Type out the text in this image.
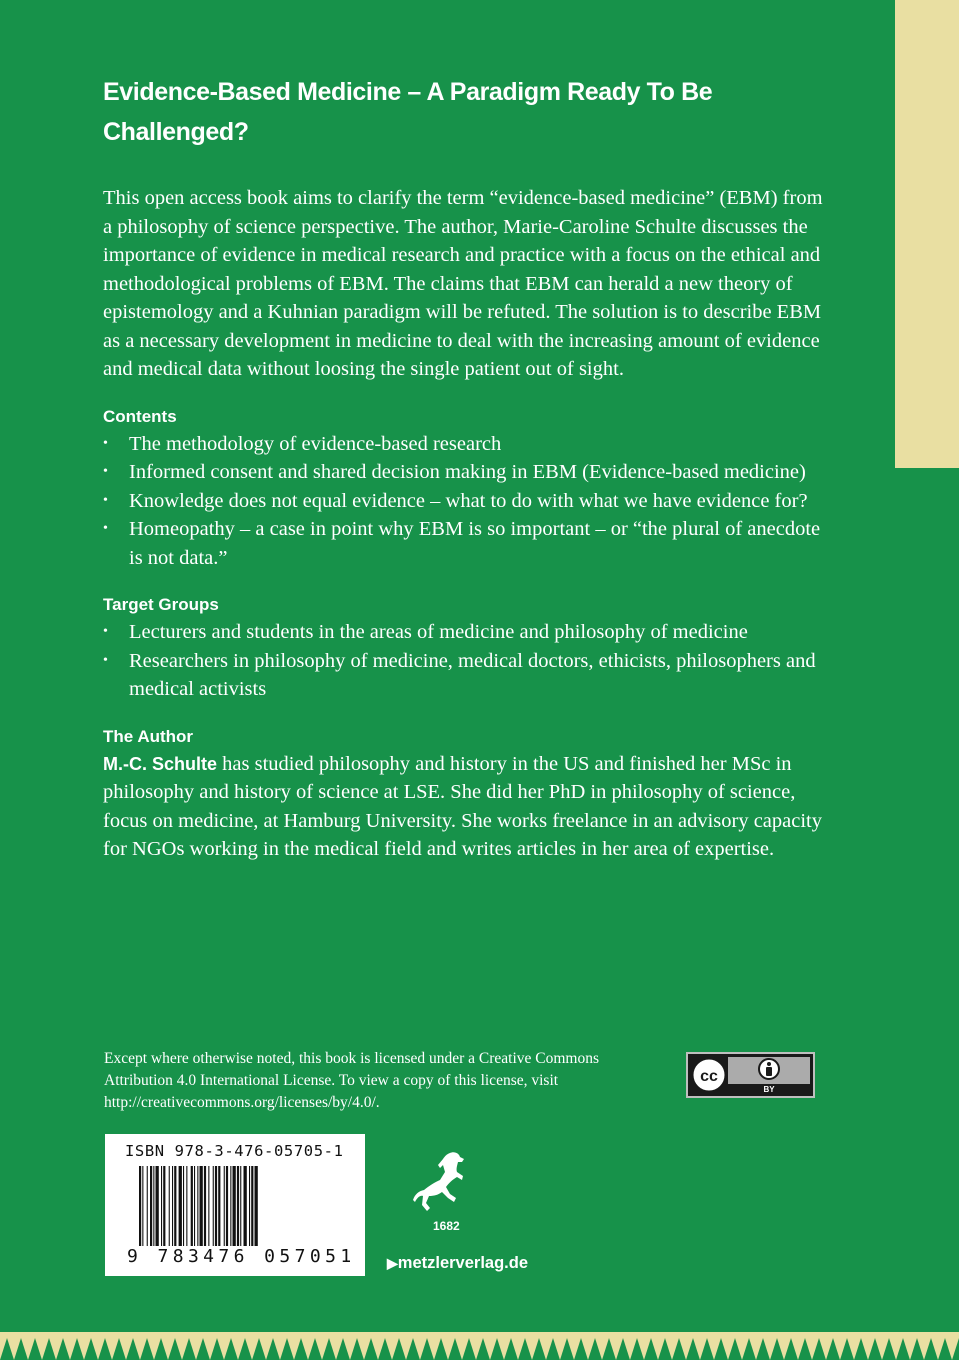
Evidence-Based Medicine – A Paradigm Ready To Be Challenged?

This open access book aims to clarify the term “evidence-based medicine” (EBM) from a philosophy of science perspective. The author, Marie-Caroline Schulte discusses the importance of evidence in medical research and practice with a focus on the ethical and methodological problems of EBM. The claims that EBM can herald a new theory of epistemology and a Kuhnian paradigm will be refuted. The solution is to describe EBM as a necessary development in medicine to deal with the increasing amount of evidence and medical data without loosing the single patient out of sight.

Contents
• The methodology of evidence-based research
• Informed consent and shared decision making in EBM (Evidence-based medicine)
• Knowledge does not equal evidence – what to do with what we have evidence for?
• Homeopathy – a case in point why EBM is so important – or “the plural of anecdote is not data.”
Target Groups
• Lecturers and students in the areas of medicine and philosophy of medicine
• Researchers in philosophy of medicine, medical doctors, ethicists, philosophers and medical activists
The Author

M.-C. Schulte has studied philosophy and history in the US and finished her MSc in philosophy and history of science at LSE. She did her PhD in philosophy of science, focus on medicine, at Hamburg University. She works freelance in an advisory capacity for NGOs working in the medical field and writes articles in her area of expertise.

Except where otherwise noted, this book is licensed under a Creative Commons Attribution 4.0 International License. To view a copy of this license, visit http://creativecommons.org/licenses/by/4.0/.
cc
BY
ISBN 978-3-476-05705-1
9 783476 057051
1682
▶metzlerverlag.de
